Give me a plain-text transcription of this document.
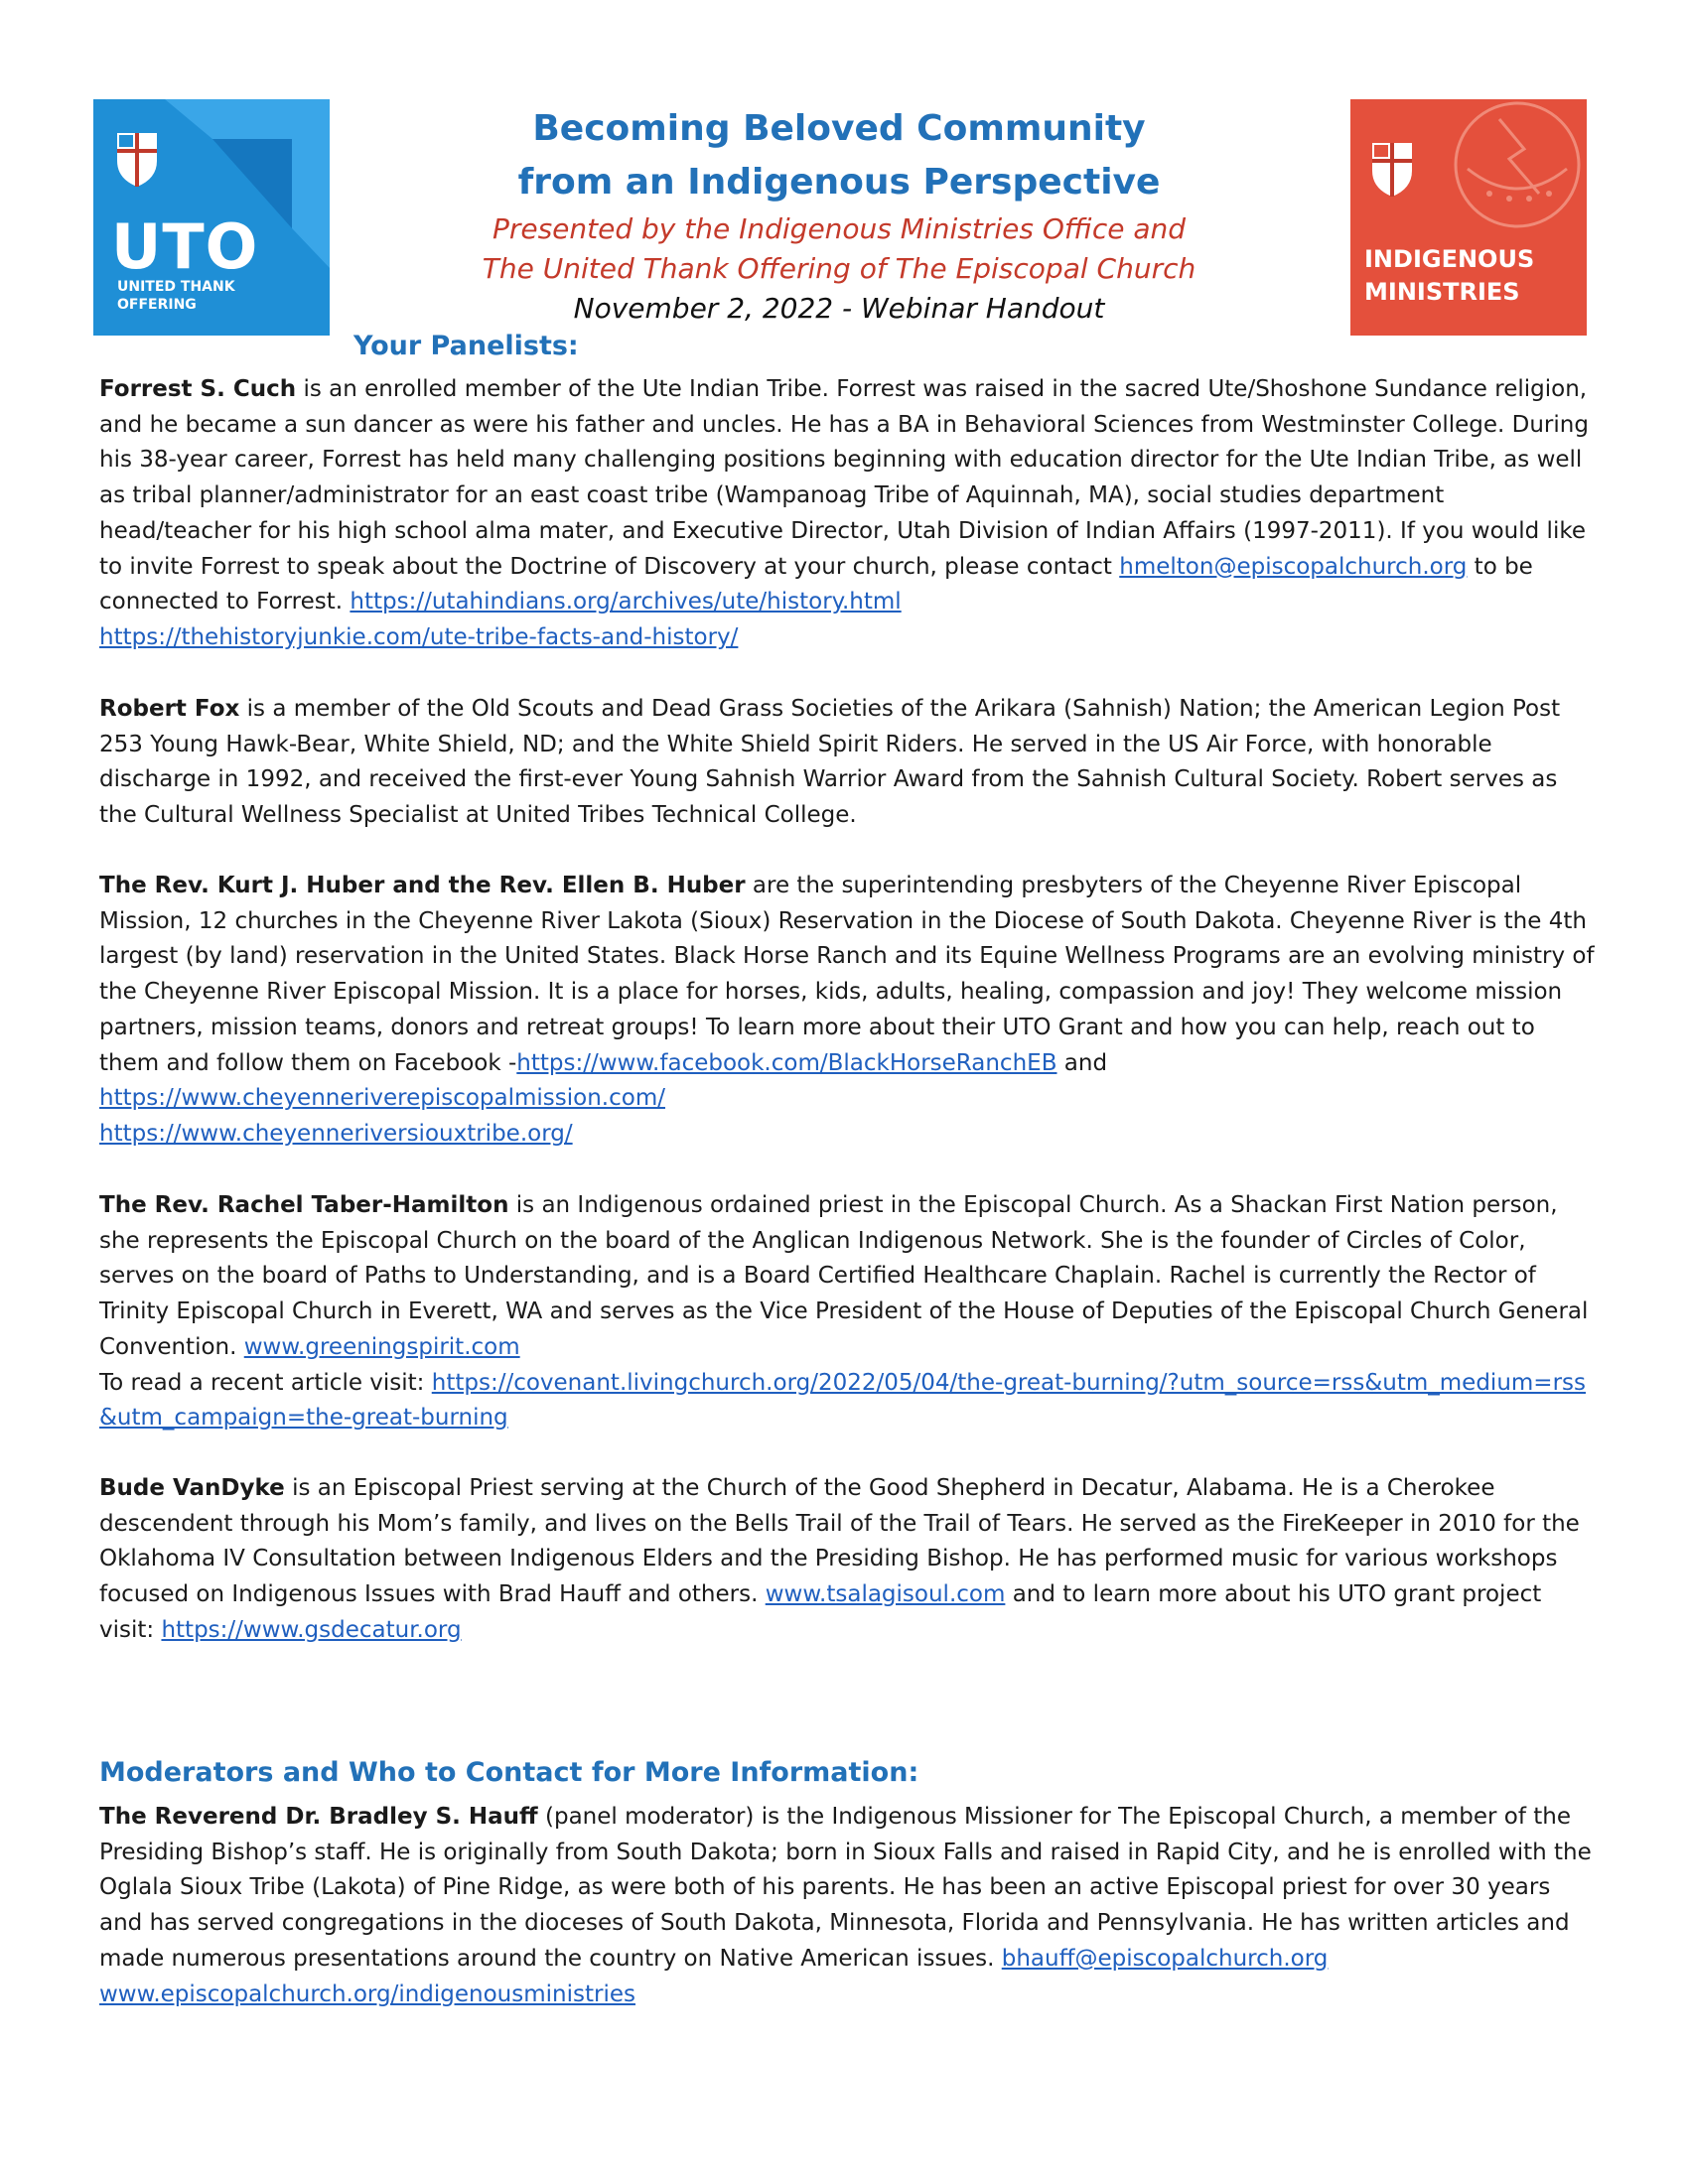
UTO
UNITED THANK
OFFERING
INDIGENOUS
MINISTRIES

Becoming Beloved Community

from an Indigenous Perspective

Presented by the Indigenous Ministries Office and

The United Thank Offering of The Episcopal Church

November 2, 2022 - Webinar Handout

Your Panelists:

Forrest S. Cuch is an enrolled member of the Ute Indian Tribe. Forrest was raised in the sacred Ute/Shoshone Sundance religion, and he became a sun dancer as were his father and uncles. He has a BA in Behavioral Sciences from Westminster College. During his 38-year career, Forrest has held many challenging positions beginning with education director for the Ute Indian Tribe, as well as tribal planner/administrator for an east coast tribe (Wampanoag Tribe of Aquinnah, MA), social studies department head/teacher for his high school alma mater, and Executive Director, Utah Division of Indian Affairs (1997-2011). If you would like to invite Forrest to speak about the Doctrine of Discovery at your church, please contact hmelton@episcopalchurch.org to be connected to Forrest. https://utahindians.org/archives/ute/history.html
https://thehistoryjunkie.com/ute-tribe-facts-and-history/

Robert Fox is a member of the Old Scouts and Dead Grass Societies of the Arikara (Sahnish) Nation; the American Legion Post 253 Young Hawk-Bear, White Shield, ND; and the White Shield Spirit Riders. He served in the US Air Force, with honorable discharge in 1992, and received the first-ever Young Sahnish Warrior Award from the Sahnish Cultural Society. Robert serves as the Cultural Wellness Specialist at United Tribes Technical College.

The Rev. Kurt J. Huber and the Rev. Ellen B. Huber are the superintending presbyters of the Cheyenne River Episcopal Mission, 12 churches in the Cheyenne River Lakota (Sioux) Reservation in the Diocese of South Dakota. Cheyenne River is the 4th largest (by land) reservation in the United States. Black Horse Ranch and its Equine Wellness Programs are an evolving ministry of the Cheyenne River Episcopal Mission. It is a place for horses, kids, adults, healing, compassion and joy! They welcome mission partners, mission teams, donors and retreat groups! To learn more about their UTO Grant and how you can help, reach out to them and follow them on Facebook -https://www.facebook.com/BlackHorseRanchEB and
https://www.cheyenneriverepiscopalmission.com/
https://www.cheyenneriversiouxtribe.org/

The Rev. Rachel Taber-Hamilton is an Indigenous ordained priest in the Episcopal Church. As a Shackan First Nation person, she represents the Episcopal Church on the board of the Anglican Indigenous Network. She is the founder of Circles of Color, serves on the board of Paths to Understanding, and is a Board Certified Healthcare Chaplain. Rachel is currently the Rector of Trinity Episcopal Church in Everett, WA and serves as the Vice President of the House of Deputies of the Episcopal Church General Convention. www.greeningspirit.com
To read a recent article visit: https://covenant.livingchurch.org/2022/05/04/the-great-burning/?utm_source=rss&utm_medium=rss&utm_campaign=the-great-burning

Bude VanDyke is an Episcopal Priest serving at the Church of the Good Shepherd in Decatur, Alabama. He is a Cherokee descendent through his Mom’s family, and lives on the Bells Trail of the Trail of Tears. He served as the FireKeeper in 2010 for the Oklahoma IV Consultation between Indigenous Elders and the Presiding Bishop. He has performed music for various workshops focused on Indigenous Issues with Brad Hauff and others. www.tsalagisoul.com and to learn more about his UTO grant project visit: https://www.gsdecatur.org

Moderators and Who to Contact for More Information:

The Reverend Dr. Bradley S. Hauff (panel moderator) is the Indigenous Missioner for The Episcopal Church, a member of the Presiding Bishop’s staff. He is originally from South Dakota; born in Sioux Falls and raised in Rapid City, and he is enrolled with the Oglala Sioux Tribe (Lakota) of Pine Ridge, as were both of his parents. He has been an active Episcopal priest for over 30 years and has served congregations in the dioceses of South Dakota, Minnesota, Florida and Pennsylvania. He has written articles and made numerous presentations around the country on Native American issues. bhauff@episcopalchurch.org
www.episcopalchurch.org/indigenousministries
